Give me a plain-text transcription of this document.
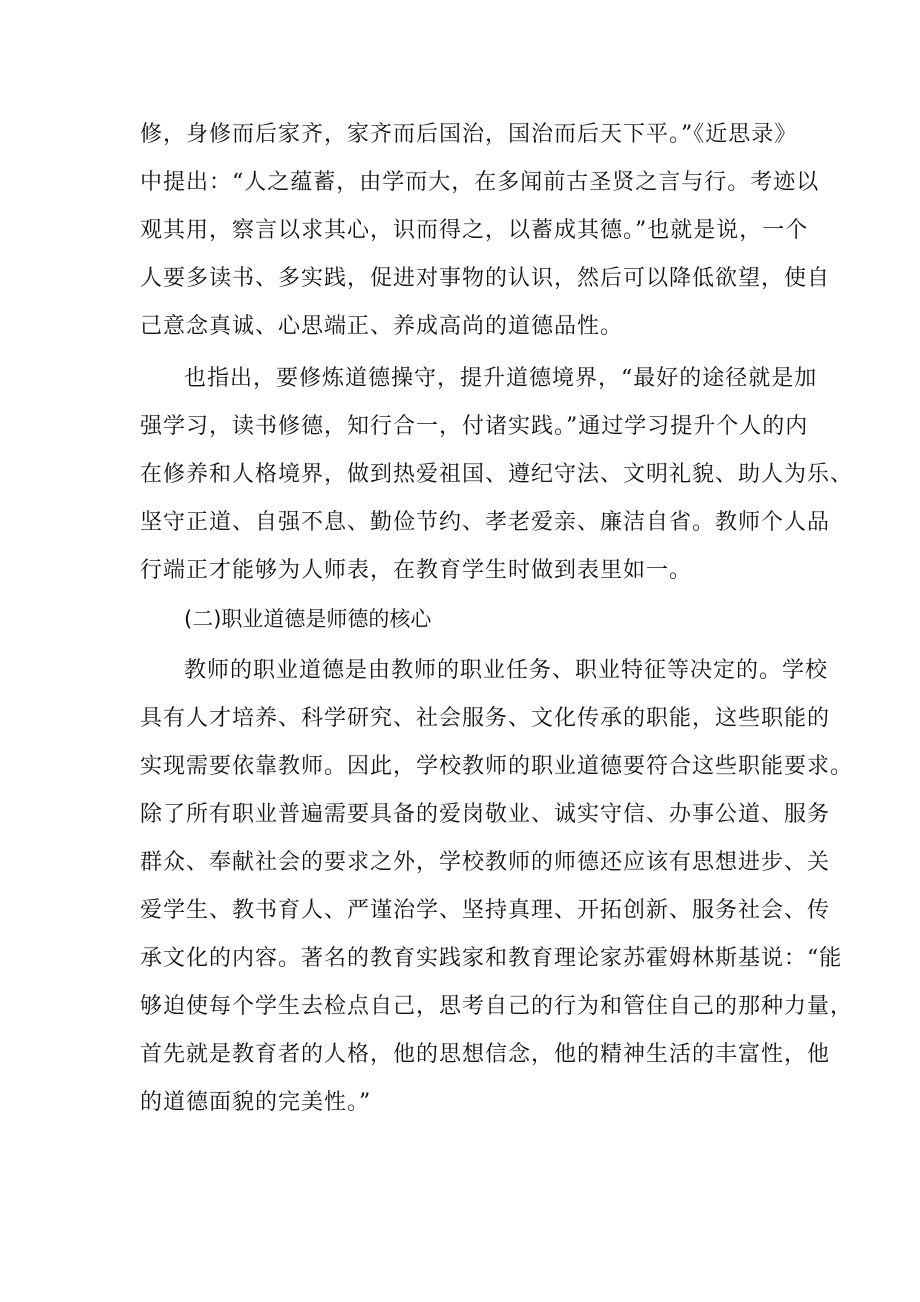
修，身修而后家齐，家齐而后国治，国治而后天下平。”《近思录》
中提出：“人之蕴蓄，由学而大，在多闻前古圣贤之言与行。考迹以
观其用，察言以求其心，识而得之，以蓄成其德。”也就是说，一个
人要多读书、多实践，促进对事物的认识，然后可以降低欲望，使自
己意念真诚、心思端正、养成高尚的道德品性。
也指出，要修炼道德操守，提升道德境界，“最好的途径就是加
强学习，读书修德，知行合一，付诸实践。”通过学习提升个人的内
在修养和人格境界，做到热爱祖国、遵纪守法、文明礼貌、助人为乐、
坚守正道、自强不息、勤俭节约、孝老爱亲、廉洁自省。教师个人品
行端正才能够为人师表，在教育学生时做到表里如一。
教师的职业道德是由教师的职业任务、职业特征等决定的。学校
具有人才培养、科学研究、社会服务、文化传承的职能，这些职能的
实现需要依靠教师。因此，学校教师的职业道德要符合这些职能要求。
除了所有职业普遍需要具备的爱岗敬业、诚实守信、办事公道、服务
群众、奉献社会的要求之外，学校教师的师德还应该有思想进步、关
爱学生、教书育人、严谨治学、坚持真理、开拓创新、服务社会、传
承文化的内容。著名的教育实践家和教育理论家苏霍姆林斯基说：“能
够迫使每个学生去检点自己，思考自己的行为和管住自己的那种力量，
首先就是教育者的人格，他的思想信念，他的精神生活的丰富性，他
的道德面貌的完美性。”
(二)职业道德是师德的核心
